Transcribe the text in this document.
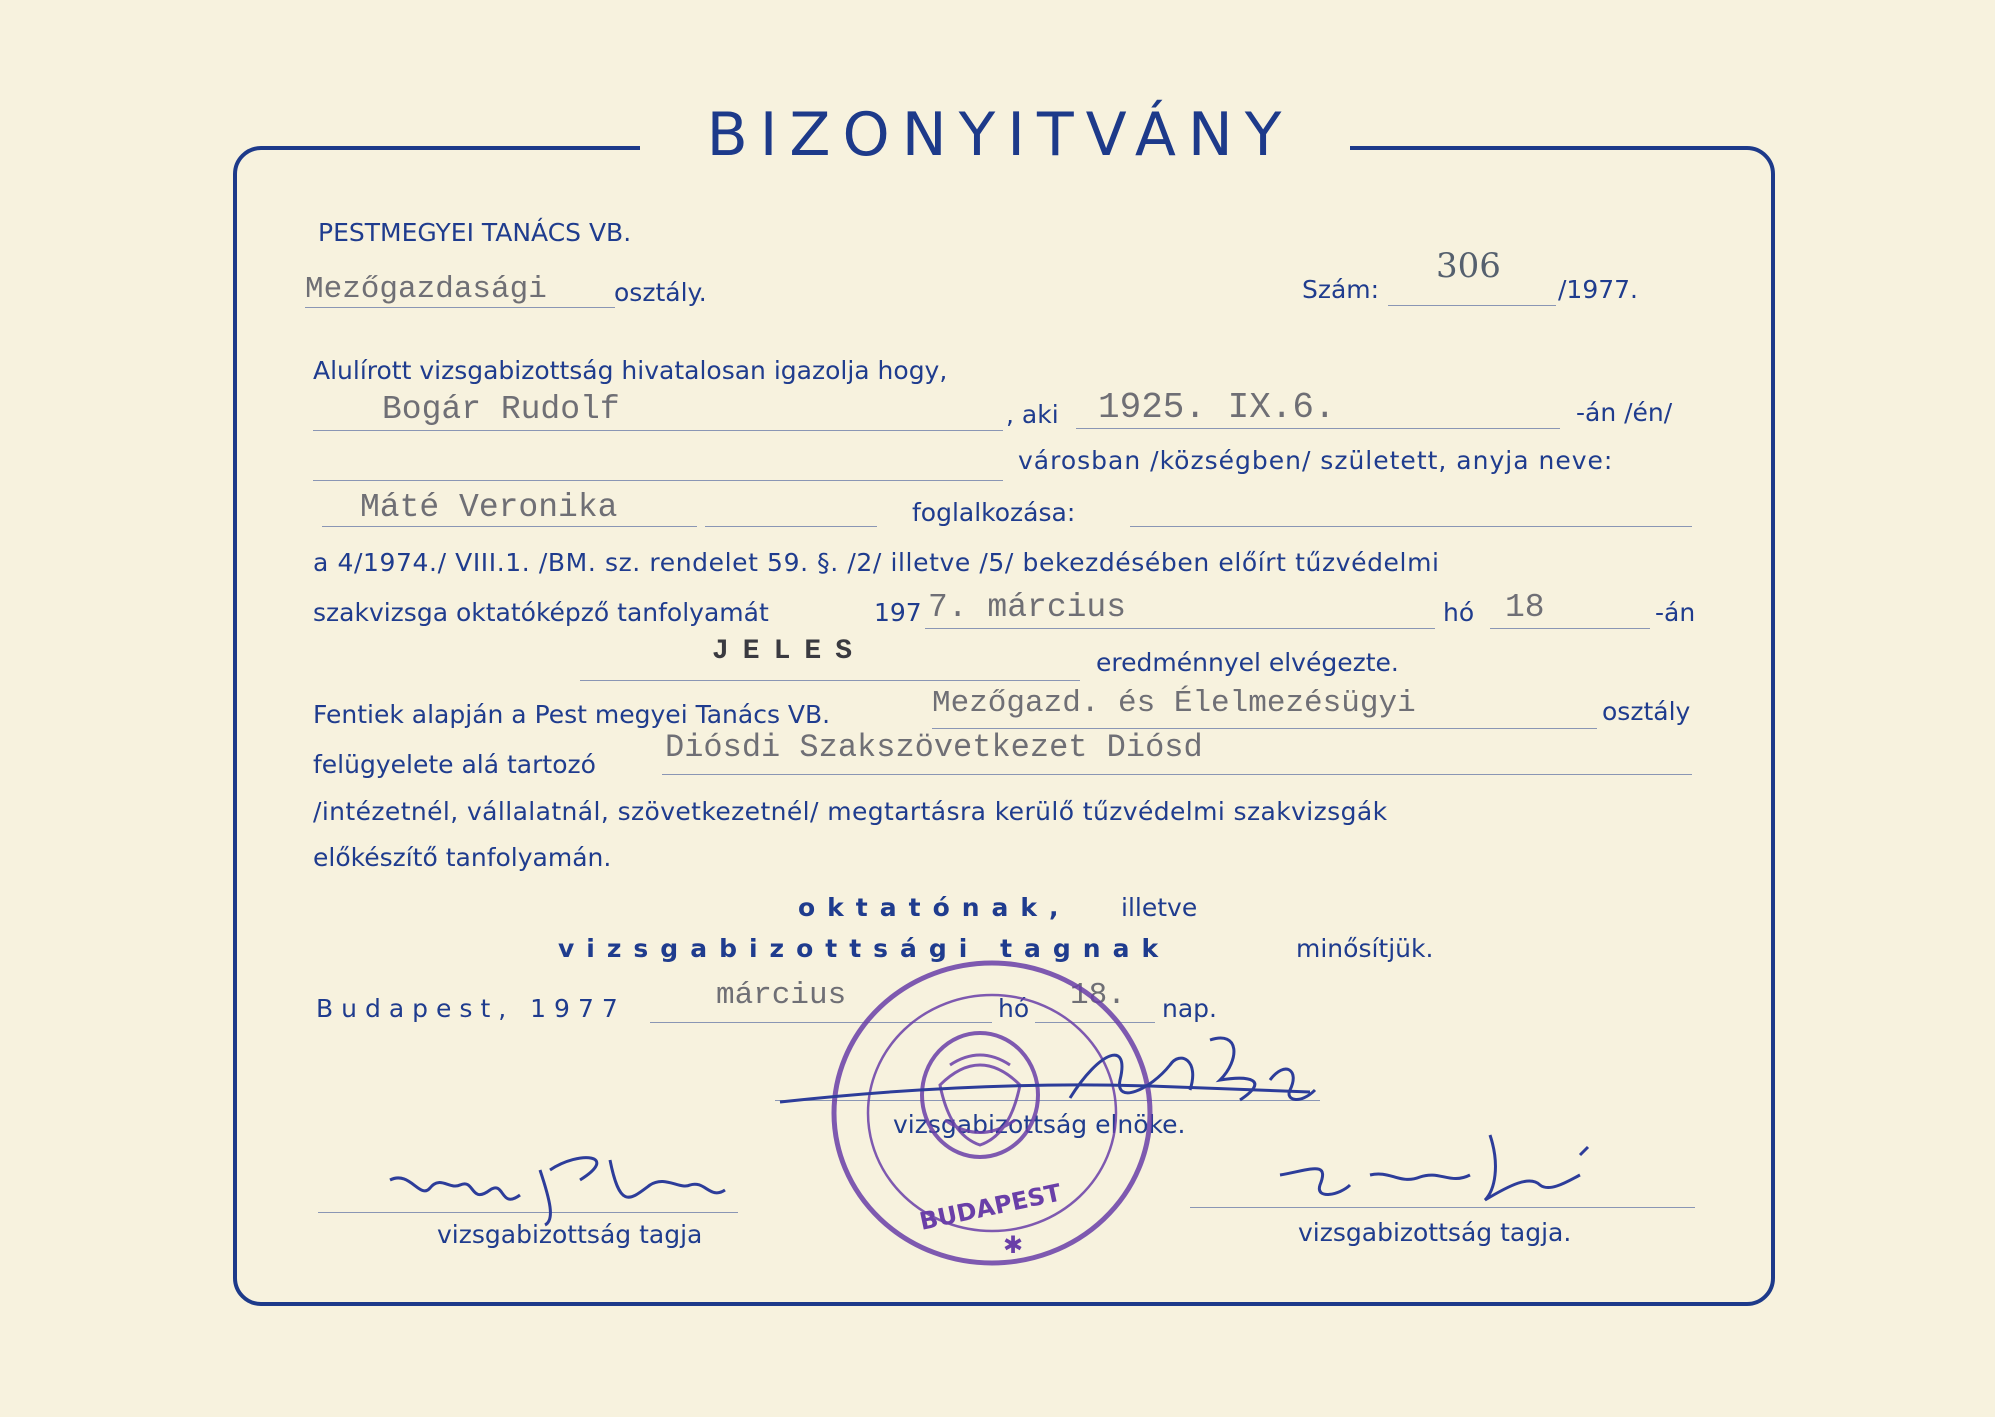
BIZONYITVÁNY
PESTMEGYEI TANÁCS VB.
Mezőgazdasági	osztály.	Szám:
306
/1977.
Alulírott vizsgabizottság hivatalosan igazolja hogy,
Bogár Rudolf	, aki 1925. IX.6.	-án /én/
városban /községben/ született, anyja neve:
Máté Veronika	foglalkozása:
a 4/1974./ VIII.1. /BM. sz. rendelet 59. §. /2/ illetve /5/ bekezdésében előírt tűzvédelmi
szakvizsga oktatóképző tanfolyamát	197 7. március	hó 18	-án
JELES	eredménnyel elvégezte.
Fentiek alapján a Pest megyei Tanács VB.	Mezőgazd. és Élelmezésügyi	osztály
felügyelete alá tartozó Diósdi Szakszövetkezet Diósd
/intézetnél, vállalatnál, szövetkezetnél/ megtartásra kerülő tűzvédelmi szakvizsgák
előkészítő tanfolyamán.
oktatónak, illetve
vizsgabizottsági tagnak	minősítjük.
Budapest, 1977	március	hó 18. nap.
vizsgabizottság elnöke.
vizsgabizottság tagja	vizsgabizottság tagja.
BUDAPEST
✱
